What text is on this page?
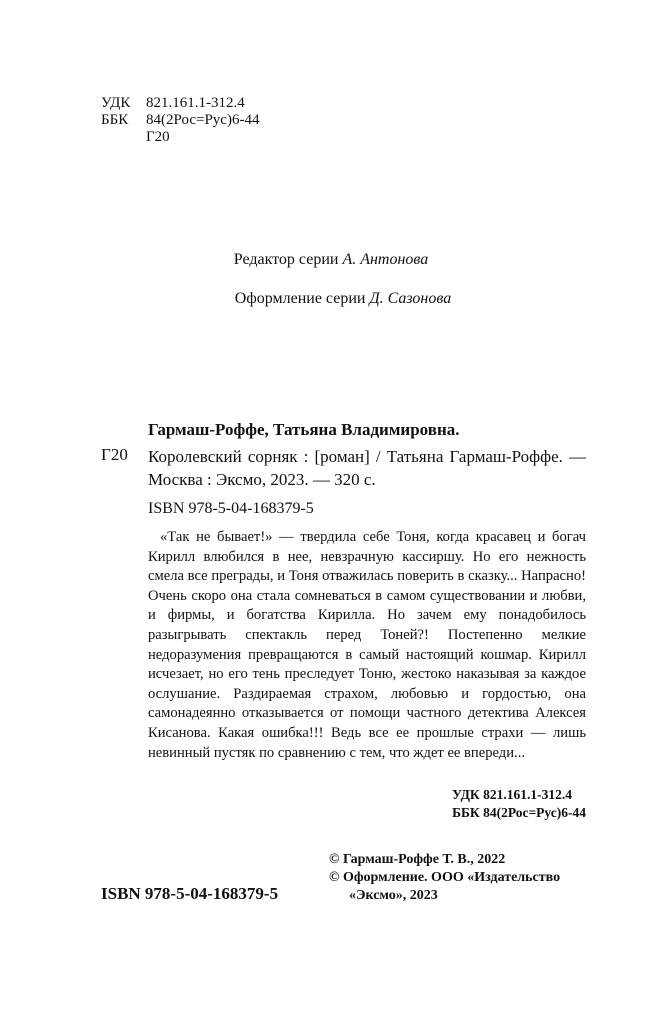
УДК	821.161.1-312.4
ББК	84(2Рос=Рус)6-44
Г20
Редактор серии А. Антонова
Оформление серии Д. Сазонова
Гармаш-Роффе, Татьяна Владимировна.
Г20 Королевский сорняк : [роман] / Татьяна Гармаш-Роффе. — Москва : Эксмо, 2023. — 320 с.
ISBN 978-5-04-168379-5
«Так не бывает!» — твердила себе Тоня, когда красавец и богач Кирилл влюбился в нее, невзрачную кассиршу. Но его нежность смела все преграды, и Тоня отважилась поверить в сказку... Напрасно! Очень скоро она стала сомневаться в самом существовании и любви, и фирмы, и богатства Кирилла. Но зачем ему понадобилось разыгрывать спектакль перед Тоней?! Постепенно мелкие недоразумения превращаются в самый настоящий кошмар. Кирилл исчезает, но его тень преследует Тоню, жестоко наказывая за каждое ослушание. Раздираемая страхом, любовью и гордостью, она самонадеянно отказывается от помощи частного детектива Алексея Кисанова. Какая ошибка!!! Ведь все ее прошлые страхи — лишь невинный пустяк по сравнению с тем, что ждет ее впереди...
УДК 821.161.1-312.4
ББК 84(2Рос=Рус)6-44
© Гармаш-Роффе Т. В., 2022
© Оформление. ООО «Издательство
«Эксмо», 2023
ISBN 978-5-04-168379-5
